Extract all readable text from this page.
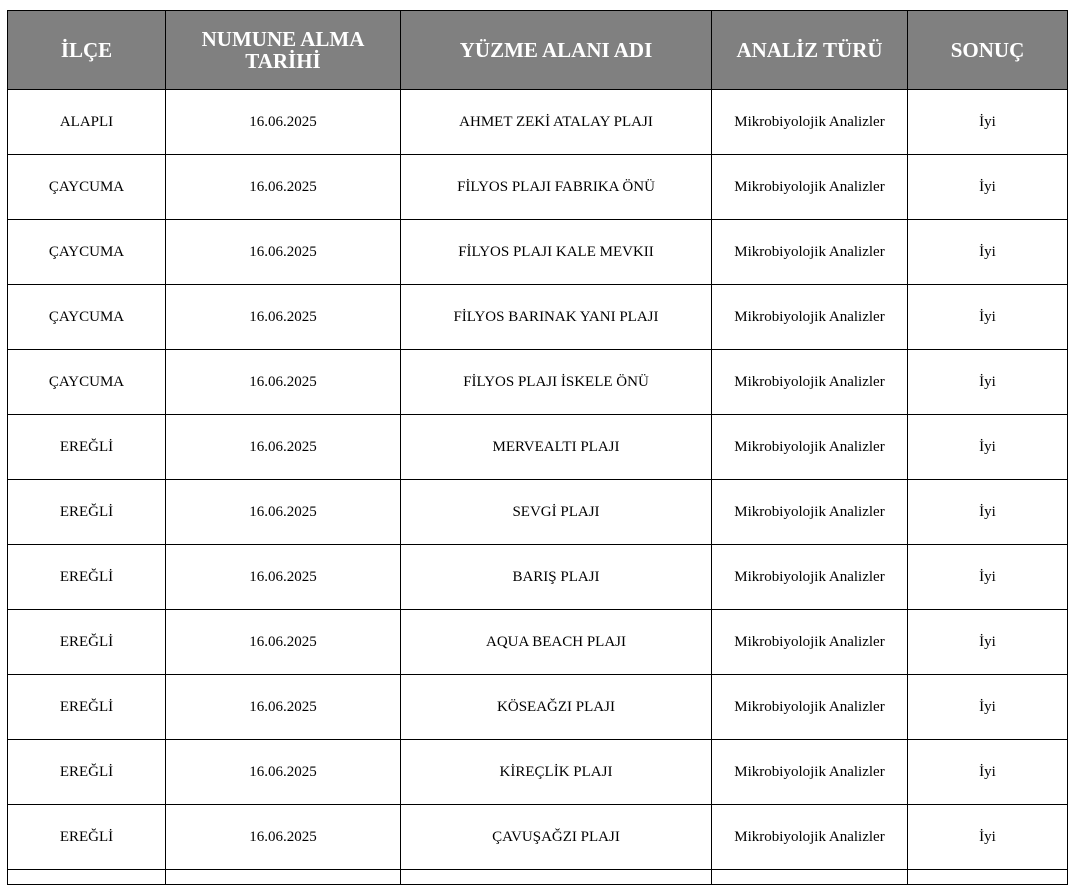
İLÇE	NUMUNE ALMA TARİHİ	YÜZME ALANI ADI	ANALİZ TÜRÜ	SONUÇ
ALAPLI	16.06.2025	AHMET ZEKİ ATALAY PLAJI	Mikrobiyolojik Analizler	İyi
ÇAYCUMA	16.06.2025	FİLYOS PLAJI FABRIKA ÖNÜ	Mikrobiyolojik Analizler	İyi
ÇAYCUMA	16.06.2025	FİLYOS PLAJI KALE MEVKII	Mikrobiyolojik Analizler	İyi
ÇAYCUMA	16.06.2025	FİLYOS BARINAK YANI PLAJI	Mikrobiyolojik Analizler	İyi
ÇAYCUMA	16.06.2025	FİLYOS PLAJI İSKELE ÖNÜ	Mikrobiyolojik Analizler	İyi
EREĞLİ	16.06.2025	MERVEALTI PLAJI	Mikrobiyolojik Analizler	İyi
EREĞLİ	16.06.2025	SEVGİ PLAJI	Mikrobiyolojik Analizler	İyi
EREĞLİ	16.06.2025	BARIŞ PLAJI	Mikrobiyolojik Analizler	İyi
EREĞLİ	16.06.2025	AQUA BEACH PLAJI	Mikrobiyolojik Analizler	İyi
EREĞLİ	16.06.2025	KÖSEAĞZI PLAJI	Mikrobiyolojik Analizler	İyi
EREĞLİ	16.06.2025	KİREÇLİK PLAJI	Mikrobiyolojik Analizler	İyi
EREĞLİ	16.06.2025	ÇAVUŞAĞZI PLAJI	Mikrobiyolojik Analizler	İyi
